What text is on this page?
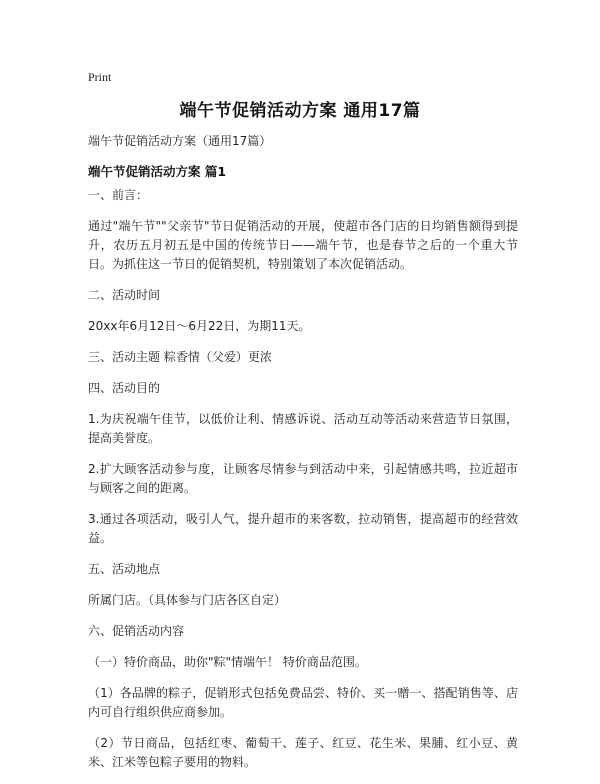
Print
端午节促销活动方案 通用17篇
端午节促销活动方案（通用17篇）
端午节促销活动方案 篇1

一、前言：

通过"端午节""父亲节"节日促销活动的开展，使超市各门店的日均销售额得到提升，农历五月初五是中国的传统节日——端午节，也是春节之后的一个重大节日。为抓住这一节日的促销契机，特别策划了本次促销活动。

二、活动时间

20xx年6月12日～6月22日，为期11天。

三、活动主题 粽香情（父爱）更浓

四、活动目的

1.为庆祝端午佳节，以低价让利、情感诉说、活动互动等活动来营造节日氛围，提高美誉度。

2.扩大顾客活动参与度，让顾客尽情参与到活动中来，引起情感共鸣，拉近超市与顾客之间的距离。

3.通过各项活动，吸引人气，提升超市的来客数，拉动销售，提高超市的经营效益。

五、活动地点

所属门店。（具体参与门店各区自定）

六、促销活动内容

（一）特价商品，助你"粽"情端午！ 特价商品范围。

（1）各品牌的粽子，促销形式包括免费品尝、特价、买一赠一、搭配销售等、店内可自行组织供应商参加。

（2）节日商品，包括红枣、葡萄干、莲子、红豆、花生米、果脯、红小豆、黄米、江米等包粽子要用的物料。
